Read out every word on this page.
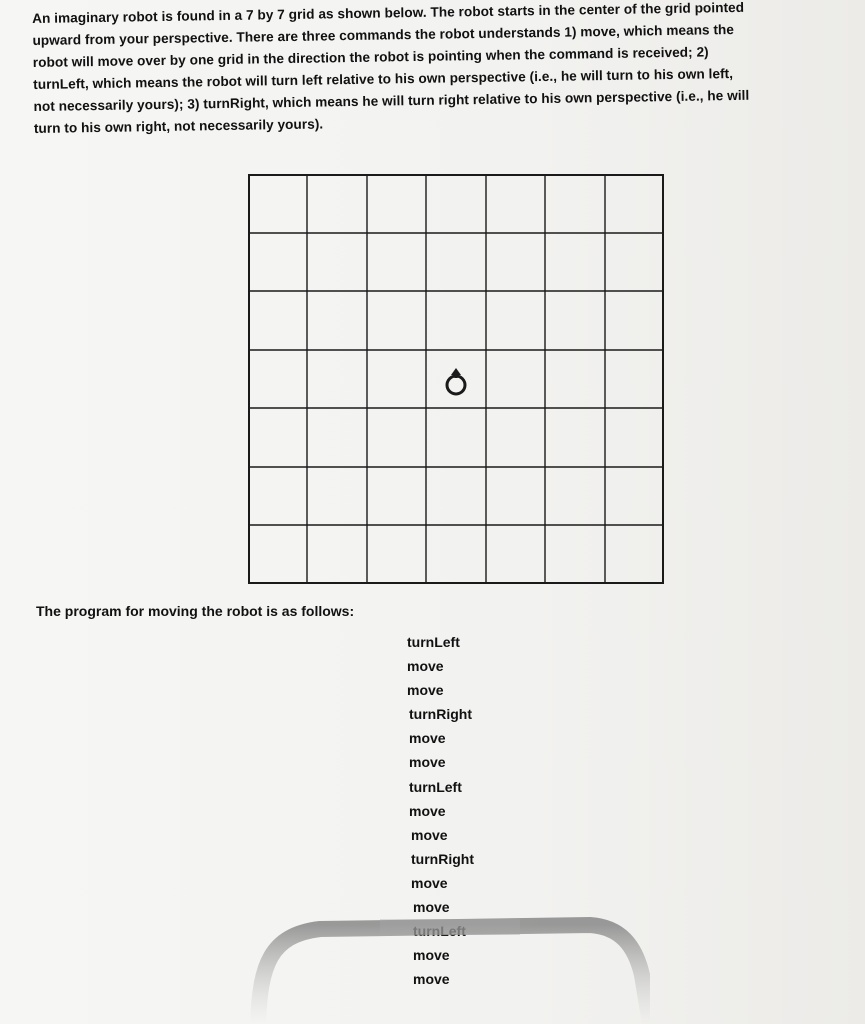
An imaginary robot is found in a 7 by 7 grid as shown below. The robot starts in the center of the grid pointed
upward from your perspective. There are three commands the robot understands 1) move, which means the
robot will move over by one grid in the direction the robot is pointing when the command is received; 2)
turnLeft, which means the robot will turn left relative to his own perspective (i.e., he will turn to his own left,
not necessarily yours); 3) turnRight, which means he will turn right relative to his own perspective (i.e., he will
turn to his own right, not necessarily yours).

The program for moving the robot is as follows:

turnLeft
move
move
turnRight
move
move
turnLeft
move
move
turnRight
move
move
turnLeft
move
move
